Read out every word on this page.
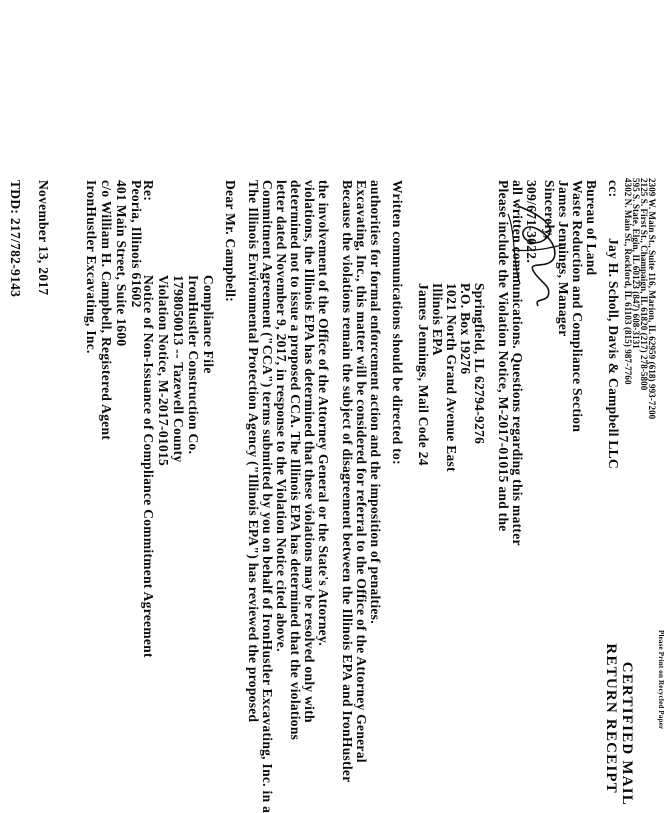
TDD: 217/782-9143
CERTIFIED MAIL
RETURN RECEIPT
November 13, 2017 IronHustler Excavating, Inc. c/o William H. Campbell, Registered Agent 401 Main Street, Suite 1600 Peoria, Illinois 61602
Re:
Notice of Non-Issuance of Compliance Commitment Agreement Violation Notice, M-2017-01015 1798050013 -- Tazewell County IronHustler Construction Co. Compliance File
Dear Mr. Campbell: The Illinois Environmental Protection Agency ("Illinois EPA") has reviewed the proposed Commitment Agreement ("CCA") terms submitted by you on behalf of IronHustler Excavating, Inc. in a letter dated November 9, 2017, in response to the Violation Notice cited above. determined not to issue a proposed CCA. The Illinois EPA has determined that the violations violations, the Illinois EPA has determined that these violations may be resolved only with the involvement of the Office of the Attorney General or the State's Attorney. Because the violations remain the subject of disagreement between the Illinois EPA and IronHustler Excavating, Inc., this matter will be considered for referral to the Office of the Attorney General authorities for formal enforcement action and the imposition of penalties. Written communications should be directed to: James Jennings, Mail Code 24 Illinois EPA 1021 North Grand Avenue East P.O. Box 19276 Springfield, IL 62794-9276 Please include the Violation Notice, M-2017-01015 and the all written communications. Questions regarding this matter 309/671-3022. Sincerely, James Jennings, Manager Waste Reduction and Compliance Section Bureau of Land cc:
Jay H. Scholl, Davis & Campbell LLC 4302 N. Main St., Rockford, IL 61103 (815) 987-7760
595 S. State, Elgin, IL 60123 (847) 608-3131
2125 S. First St., Champaign, IL 61820 (217) 278-5800
2309 W. Main St., Suite 116, Marion, IL 62959 (618) 993-7200
Please Print on Recycled Paper
